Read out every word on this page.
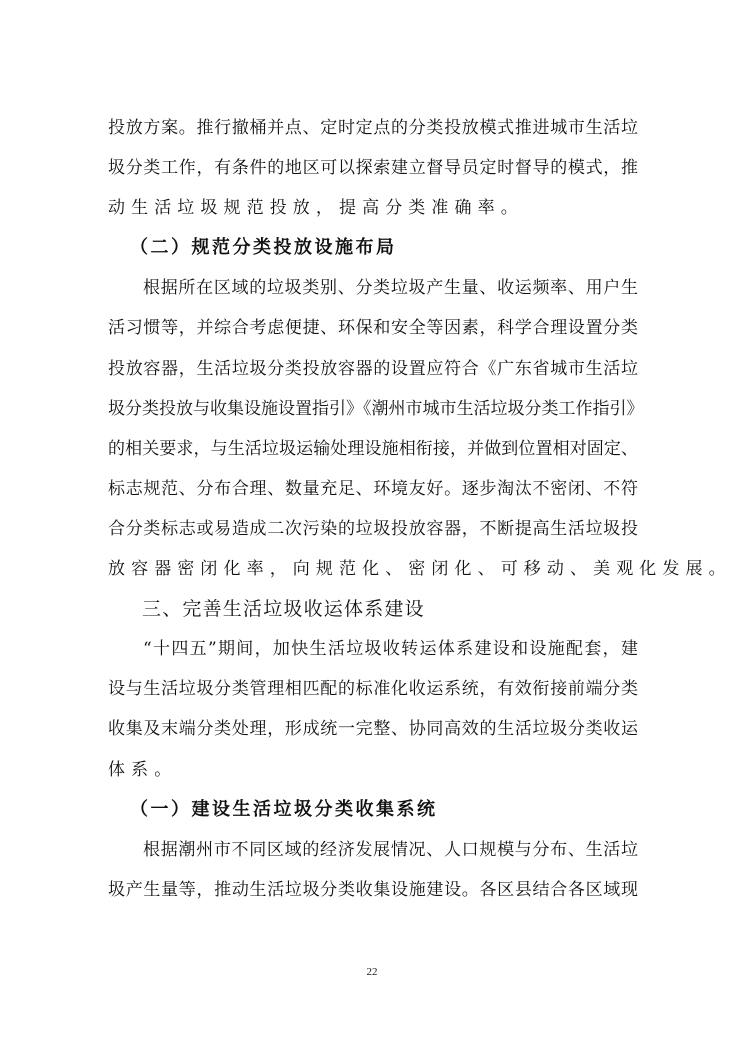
投放方案。推行撤桶并点、定时定点的分类投放模式推进城市生活垃
圾分类工作，有条件的地区可以探索建立督导员定时督导的模式，推
动生活垃圾规范投放，提高分类准确率。
（二）规范分类投放设施布局
根据所在区域的垃圾类别、分类垃圾产生量、收运频率、用户生
活习惯等，并综合考虑便捷、环保和安全等因素，科学合理设置分类
投放容器，生活垃圾分类投放容器的设置应符合《广东省城市生活垃
圾分类投放与收集设施设置指引》《潮州市城市生活垃圾分类工作指引》
的相关要求，与生活垃圾运输处理设施相衔接，并做到位置相对固定、
标志规范、分布合理、数量充足、环境友好。逐步淘汰不密闭、不符
合分类标志或易造成二次污染的垃圾投放容器，不断提高生活垃圾投
放容器密闭化率，向规范化、密闭化、可移动、美观化发展。
三、完善生活垃圾收运体系建设
“十四五”期间，加快生活垃圾收转运体系建设和设施配套，建
设与生活垃圾分类管理相匹配的标准化收运系统，有效衔接前端分类
收集及末端分类处理，形成统一完整、协同高效的生活垃圾分类收运
体系。
（一）建设生活垃圾分类收集系统
根据潮州市不同区域的经济发展情况、人口规模与分布、生活垃
圾产生量等，推动生活垃圾分类收集设施建设。各区县结合各区域现
22
